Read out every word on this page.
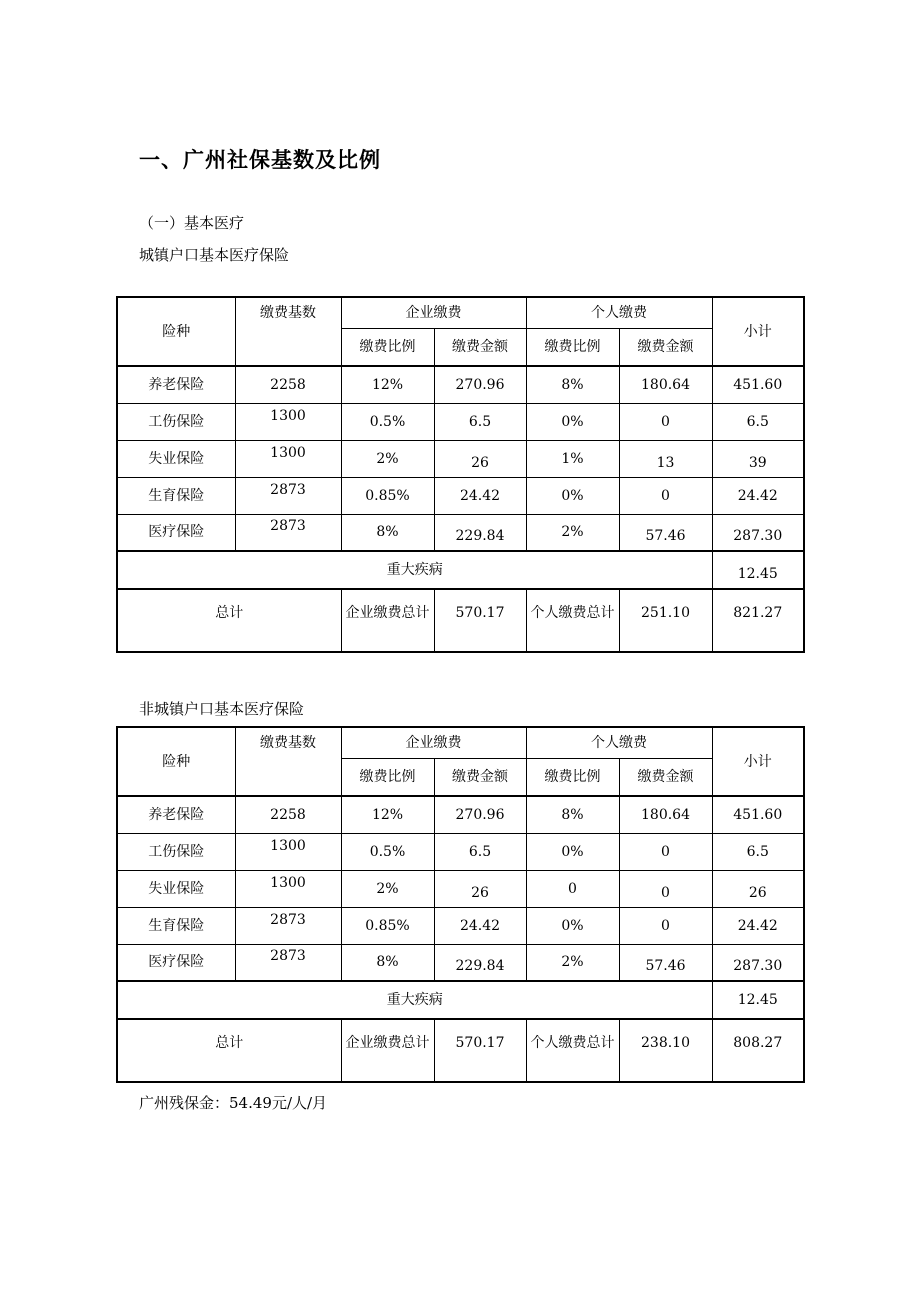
一、广州社保基数及比例
（一）基本医疗
城镇户口基本医疗保险
险种	缴费基数	企业缴费		个人缴费		小计
		缴费比例	缴费金额	缴费比例	缴费金额	
养老保险	2258	12%	270.96	8%	180.64	451.60
工伤保险	1300	0.5%	6.5	0%	0	6.5
失业保险	1300	2%	26	1%	13	39
生育保险	2873	0.85%	24.42	0%	0	24.42
医疗保险	2873	8%	229.84	2%	57.46	287.30
重大疾病						12.45

总计		企业缴费总计	570.17	个人缴费总计	251.10	821.27
非城镇户口基本医疗保险
险种	缴费基数	企业缴费		个人缴费		小计
		缴费比例	缴费金额	缴费比例	缴费金额	
养老保险	2258	12%	270.96	8%	180.64	451.60
工伤保险	1300	0.5%	6.5	0%	0	6.5
失业保险	1300	2%	26	0	0	26
生育保险	2873	0.85%	24.42	0%	0	24.42
医疗保险	2873	8%	229.84	2%	57.46	287.30
重大疾病						12.45

总计		企业缴费总计	570.17	个人缴费总计	238.10	808.27
广州残保金：54.49元/人/月
